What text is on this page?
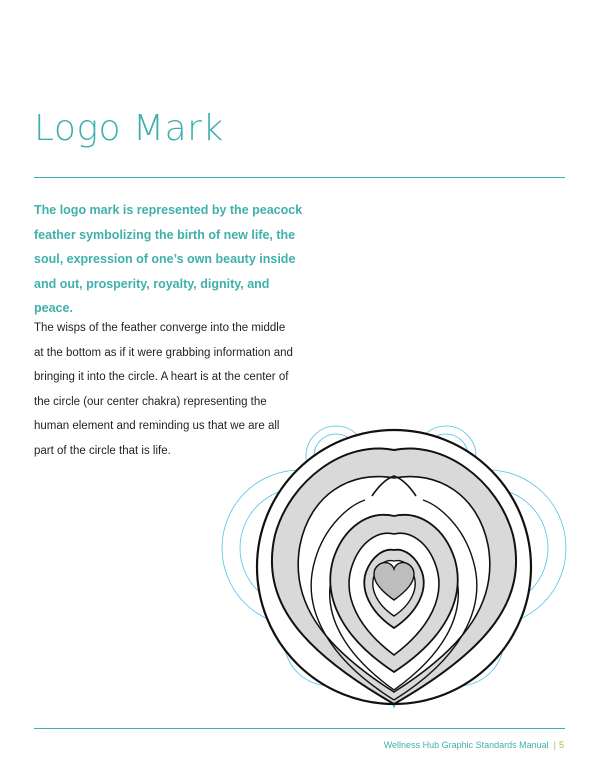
Logo Mark

The logo mark is represented by the peacock feather symbolizing the birth of new life, the soul, expression of one’s own beauty inside and out, prosperity, royalty, dignity, and peace.

The wisps of the feather converge into the middle at the bottom as if it were grabbing information and bringing it into the circle. A heart is at the center of the circle (our center chakra) representing the human element and reminding us that we are all part of the circle that is life.

Wellness Hub Graphic Standards Manual | 5
